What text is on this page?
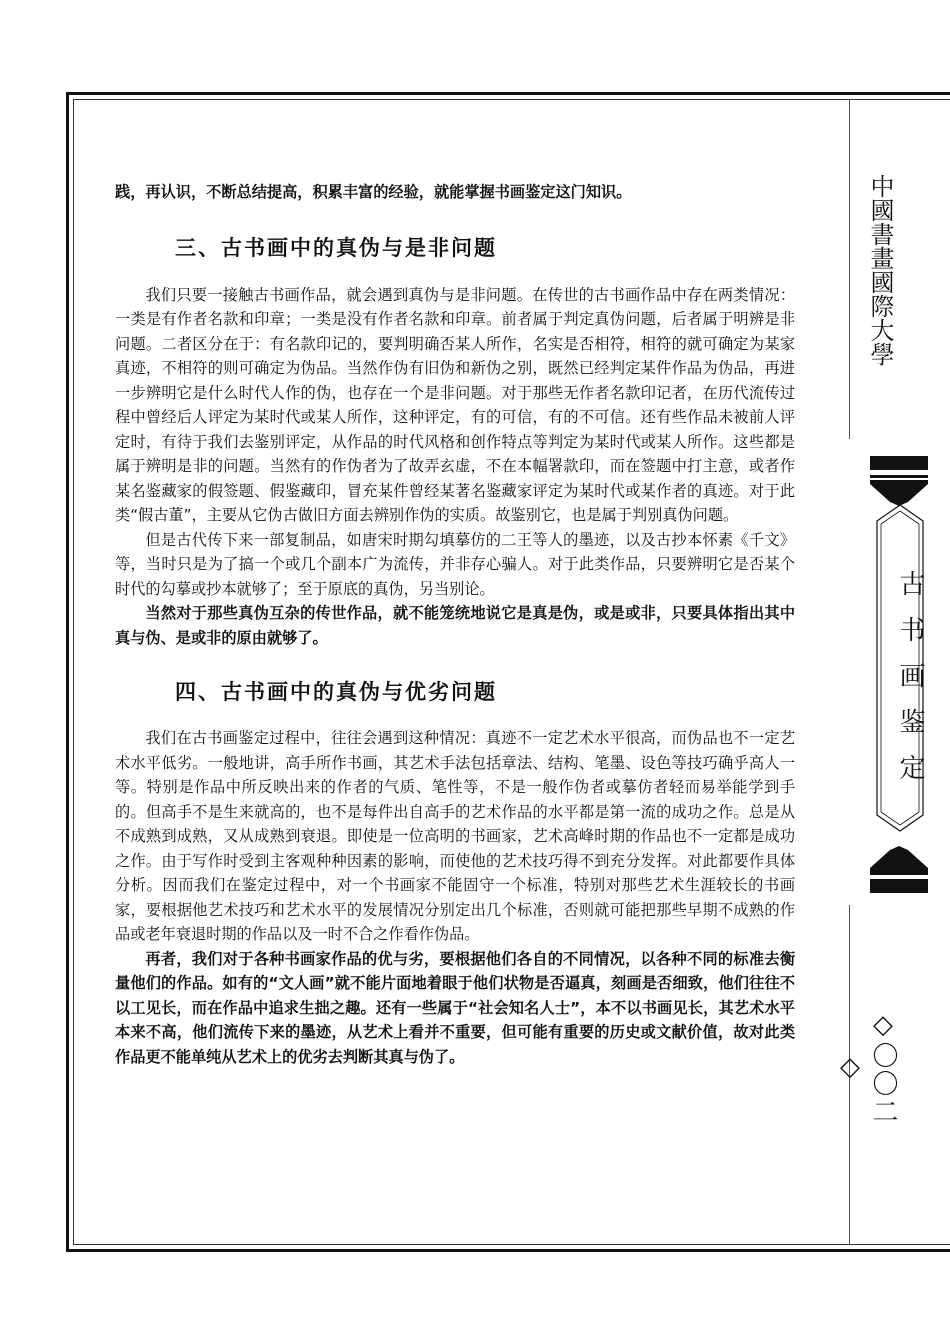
中國書畫國際大學
古书画鉴定
◇〇〇二◇

践，再认识，不断总结提高，积累丰富的经验，就能掌握书画鉴定这门知识。

三、古书画中的真伪与是非问题

我们只要一接触古书画作品，就会遇到真伪与是非问题。在传世的古书画作品中存在两类情况：一类是有作者名款和印章；一类是没有作者名款和印章。前者属于判定真伪问题，后者属于明辨是非问题。二者区分在于：有名款印记的，要判明确否某人所作，名实是否相符，相符的就可确定为某家真迹，不相符的则可确定为伪品。当然作伪有旧伪和新伪之别，既然已经判定某件作品为伪品，再进一步辨明它是什么时代人作的伪，也存在一个是非问题。对于那些无作者名款印记者，在历代流传过程中曾经后人评定为某时代或某人所作，这种评定，有的可信，有的不可信。还有些作品未被前人评定时，有待于我们去鉴别评定，从作品的时代风格和创作特点等判定为某时代或某人所作。这些都是属于辨明是非的问题。当然有的作伪者为了故弄玄虚，不在本幅署款印，而在签题中打主意，或者作某名鉴藏家的假签题、假鉴藏印，冒充某件曾经某著名鉴藏家评定为某时代或某作者的真迹。对于此类“假古董”，主要从它伪古做旧方面去辨别作伪的实质。故鉴别它，也是属于判别真伪问题。

但是古代传下来一部复制品，如唐宋时期勾填摹仿的二王等人的墨迹，以及古抄本怀素《千文》等，当时只是为了搞一个或几个副本广为流传，并非存心骗人。对于此类作品，只要辨明它是否某个时代的勾摹或抄本就够了；至于原底的真伪，另当别论。

当然对于那些真伪互杂的传世作品，就不能笼统地说它是真是伪，或是或非，只要具体指出其中真与伪、是或非的原由就够了。

四、古书画中的真伪与优劣问题

我们在古书画鉴定过程中，往往会遇到这种情况：真迹不一定艺术水平很高，而伪品也不一定艺术水平低劣。一般地讲，高手所作书画，其艺术手法包括章法、结构、笔墨、设色等技巧确乎高人一等。特别是作品中所反映出来的作者的气质、笔性等，不是一般作伪者或摹仿者轻而易举能学到手的。但高手不是生来就高的，也不是每件出自高手的艺术作品的水平都是第一流的成功之作。总是从不成熟到成熟，又从成熟到衰退。即使是一位高明的书画家，艺术高峰时期的作品也不一定都是成功之作。由于写作时受到主客观种种因素的影响，而使他的艺术技巧得不到充分发挥。对此都要作具体分析。因而我们在鉴定过程中，对一个书画家不能固守一个标准，特别对那些艺术生涯较长的书画家，要根据他艺术技巧和艺术水平的发展情况分别定出几个标准，否则就可能把那些早期不成熟的作品或老年衰退时期的作品以及一时不合之作看作伪品。

再者，我们对于各种书画家作品的优与劣，要根据他们各自的不同情况，以各种不同的标准去衡量他们的作品。如有的“文人画”就不能片面地着眼于他们状物是否逼真，刻画是否细致，他们往往不以工见长，而在作品中追求生拙之趣。还有一些属于“社会知名人士”，本不以书画见长，其艺术水平本来不高，他们流传下来的墨迹，从艺术上看并不重要，但可能有重要的历史或文献价值，故对此类作品更不能单纯从艺术上的优劣去判断其真与伪了。
